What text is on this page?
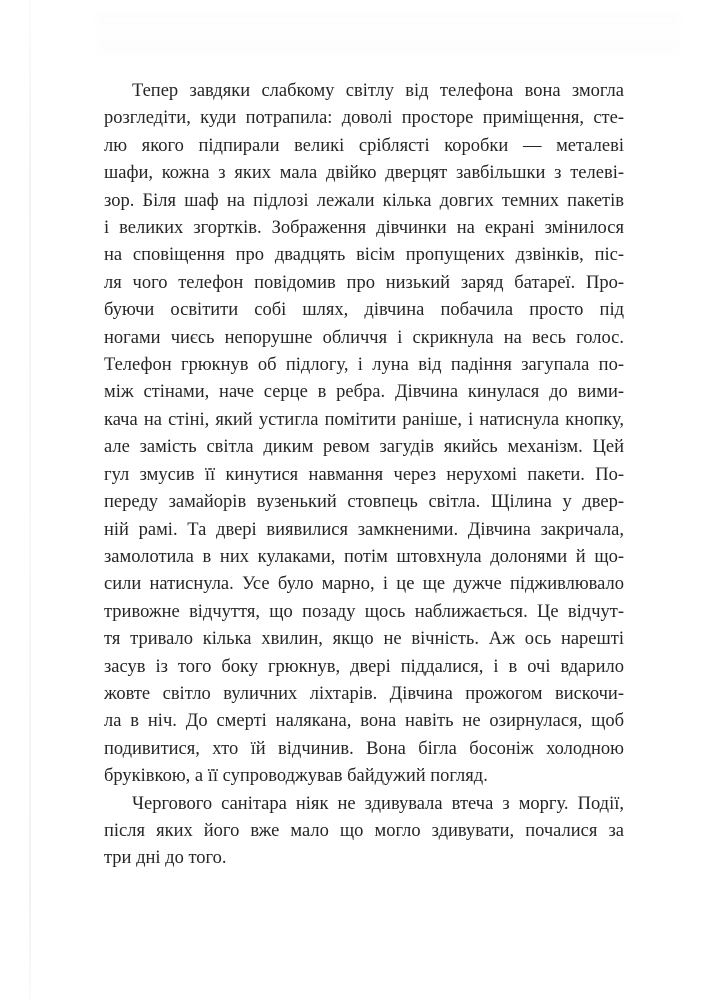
Тепер завдяки слабкому світлу від телефона вона змогла
розгледіти, куди потрапила: доволі просторе приміщення, сте-
лю якого підпирали великі сріблясті коробки — металеві
шафи, кожна з яких мала двійко дверцят завбільшки з телеві-
зор. Біля шаф на підлозі лежали кілька довгих темних пакетів
і великих згортків. Зображення дівчинки на екрані змінилося
на сповіщення про двадцять вісім пропущених дзвінків, піс-
ля чого телефон повідомив про низький заряд батареї. Про-
буючи освітити собі шлях, дівчина побачила просто під
ногами чиєсь непорушне обличчя і скрикнула на весь голос.
Телефон грюкнув об підлогу, і луна від падіння загупала по-
між стінами, наче серце в ребра. Дівчина кинулася до вими-
кача на стіні, який устигла помітити раніше, і натиснула кнопку,
але замість світла диким ревом загудів якийсь механізм. Цей
гул змусив її кинутися навмання через нерухомі пакети. По-
переду замайорів вузенький стовпець світла. Щілина у двер-
ній рамі. Та двері виявилися замкненими. Дівчина закричала,
замолотила в них кулаками, потім штовхнула долонями й що-
сили натиснула. Усе було марно, і це ще дужче підживлювало
тривожне відчуття, що позаду щось наближається. Це відчут-
тя тривало кілька хвилин, якщо не вічність. Аж ось нарешті
засув із того боку грюкнув, двері піддалися, і в очі вдарило
жовте світло вуличних ліхтарів. Дівчина прожогом вискочи-
ла в ніч. До смерті налякана, вона навіть не озирнулася, щоб
подивитися, хто їй відчинив. Вона бігла босоніж холодною
бруківкою, а її супроводжував байдужий погляд.
Чергового санітара ніяк не здивувала втеча з моргу. Події,
після яких його вже мало що могло здивувати, почалися за
три дні до того.
